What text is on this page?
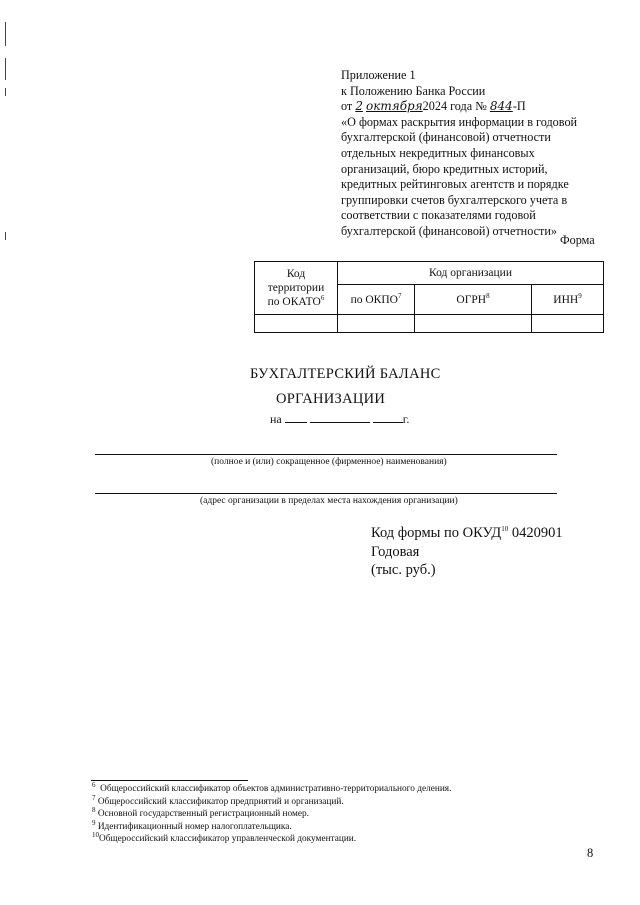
Приложение 1
к Положению Банка России
от 2 октября2024 года № 844-П
«О формах раскрытия информации в годовой
бухгалтерской (финансовой) отчетности
отдельных некредитных финансовых
организаций, бюро кредитных историй,
кредитных рейтинговых агентств и порядке
группировки счетов бухгалтерского учета в
соответствии с показателями годовой
бухгалтерской (финансовой) отчетности»
Форма
Код
территории
по ОКАТО$^6$	Код организации		
	по ОКПО$^7$	ОГРН$^8$	ИНН$^9$

БУХГАЛТЕРСКИЙ БАЛАНС
ОРГАНИЗАЦИИ
на	г.
(полное и (или) сокращенное (фирменное) наименования)
(адрес организации в пределах места нахождения организации)
Код формы по ОКУД$^{10}$ 0420901
Годовая
(тыс. руб.)
$^6$ Общероссийский классификатор объектов административно-территориального деления.
$^7$ Общероссийский классификатор предприятий и организаций.
$^8$ Основной государственный регистрационный номер.
$^9$ Идентификационный номер налогоплательщика.
$^{10}$Общероссийский классификатор управленческой документации.
8
